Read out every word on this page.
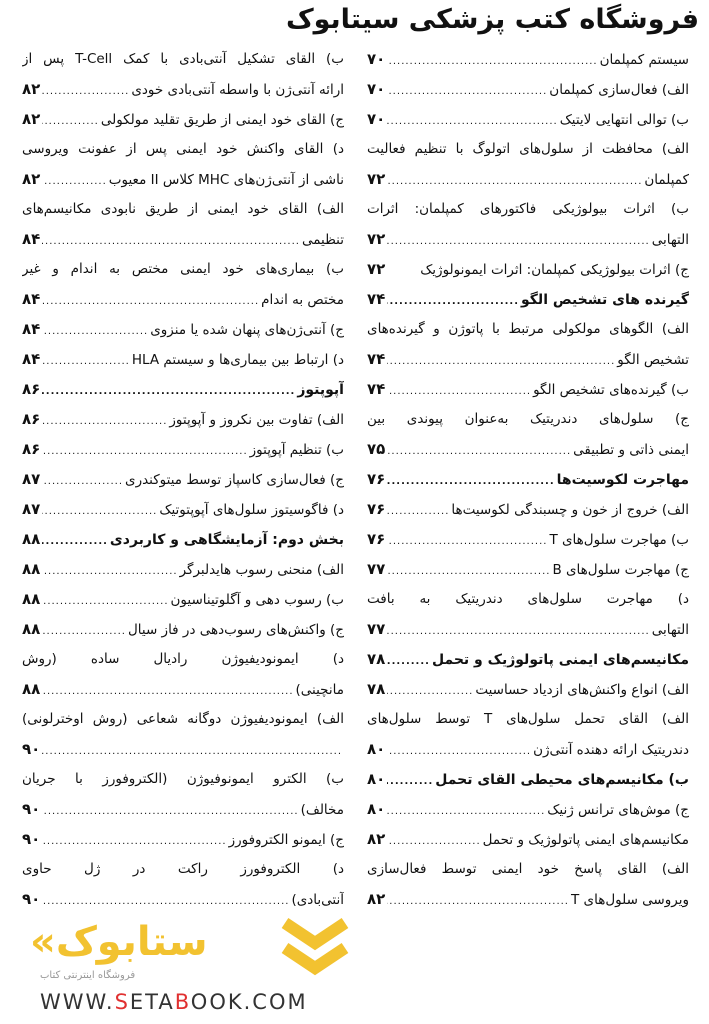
فروشگاه کتب پزشکی سیتابوک
سیستم کمپلمان
.....
۷۰
الف) فعال‌سازی کمپلمان
.....
۷۰
ب) توالی انتهایی لایتیک
.....
۷۰
الف) محافظت از سلول‌های اتولوگ با تنظیم فعالیت
کمپلمان
.....
۷۲
ب) اثرات بیولوژیکی فاکتورهای کمپلمان: اثرات
التهابی
.....
۷۲
ج) اثرات بیولوژیکی کمپلمان: اثرات ایمونولوژیک
۷۲
گیرنده های تشخیص الگو
.....
۷۴
الف) الگوهای مولکولی مرتبط با پاتوژن و گیرنده‌های
تشخیص الگو
.....
۷۴
ب) گیرنده‌های تشخیص الگو
.....
۷۴
ج) سلول‌های دندریتیک به‌عنوان پیوندی بین
ایمنی ذاتی و تطبیقی
.....
۷۵
مهاجرت لکوسیت‌ها
.....
۷۶
الف) خروج از خون و چسبندگی لکوسیت‌ها
.....
۷۶
ب) مهاجرت سلول‌های T
.....
۷۶
ج) مهاجرت سلول‌های B
.....
۷۷
د) مهاجرت سلول‌های دندریتیک به بافت
التهابی
.....
۷۷
مکانیسم‌های ایمنی پاتولوژیک و تحمل
.....
۷۸
الف) انواع واکنش‌های ازدیاد حساسیت
.....
۷۸
الف) القای تحمل سلول‌های T توسط سلول‌های
دندریتیک ارائه دهنده آنتی‌ژن
.....
۸۰
ب) مکانیسم‌های محیطی القای تحمل
.....
۸۰
ج) موش‌های ترانس ژنیک
.....
۸۰
مکانیسم‌های ایمنی پاتولوژیک و تحمل
.....
۸۲
الف) القای پاسخ خود ایمنی توسط فعال‌سازی
ویروسی سلول‌های T
.....
۸۲
ب) القای تشکیل آنتی‌بادی با کمک T-Cell پس از
ارائه آنتی‌ژن با واسطه آنتی‌بادی خودی
.....
۸۲
ج) القای خود ایمنی از طریق تقلید مولکولی
.....
۸۲
د) القای واکنش خود ایمنی پس از عفونت ویروسی
ناشی از آنتی‌ژن‌های MHC کلاس II معیوب
.....
۸۲
الف) القای خود ایمنی از طریق نابودی مکانیسم‌های
تنظیمی
.....
۸۴
ب) بیماری‌های خود ایمنی مختص به اندام و غیر
مختص به اندام
.....
۸۴
ج) آنتی‌ژن‌های پنهان شده یا منزوی
.....
۸۴
د) ارتباط بین بیماری‌ها و سیستم HLA
.....
۸۴
آپوپتوز
.....
۸۶
الف) تفاوت بین نکروز و آپوپتوز
.....
۸۶
ب) تنظیم آپوپتوز
.....
۸۶
ج) فعال‌سازی کاسپاز توسط میتوکندری
.....
۸۷
د) فاگوسیتوز سلول‌های آپوپتوتیک
.....
۸۷
بخش دوم: آزمایشگاهی و کاربردی
.....
۸۸
الف) منحنی رسوب هایدلبرگر
.....
۸۸
ب) رسوب دهی و آگلوتیناسیون
.....
۸۸
ج) واکنش‌های رسوب‌دهی در فاز سیال
.....
۸۸
د) ایمونودیفیوژن رادیال ساده (روش
مانچینی)
.....
۸۸
الف) ایمونودیفیوژن دوگانه شعاعی (روش اوخترلونی)
.....
۹۰
ب) الکترو ایمونوفیوژن (الکتروفورز با جریان
مخالف)
.....
۹۰
ج) ایمونو الکتروفورز
.....
۹۰
د) الکتروفورز راکت در ژل حاوی
آنتی‌بادی)
.....
۹۰
«ستابوک
فروشگاه اینترنتی کتاب
WWW.SETABOOK.COM
